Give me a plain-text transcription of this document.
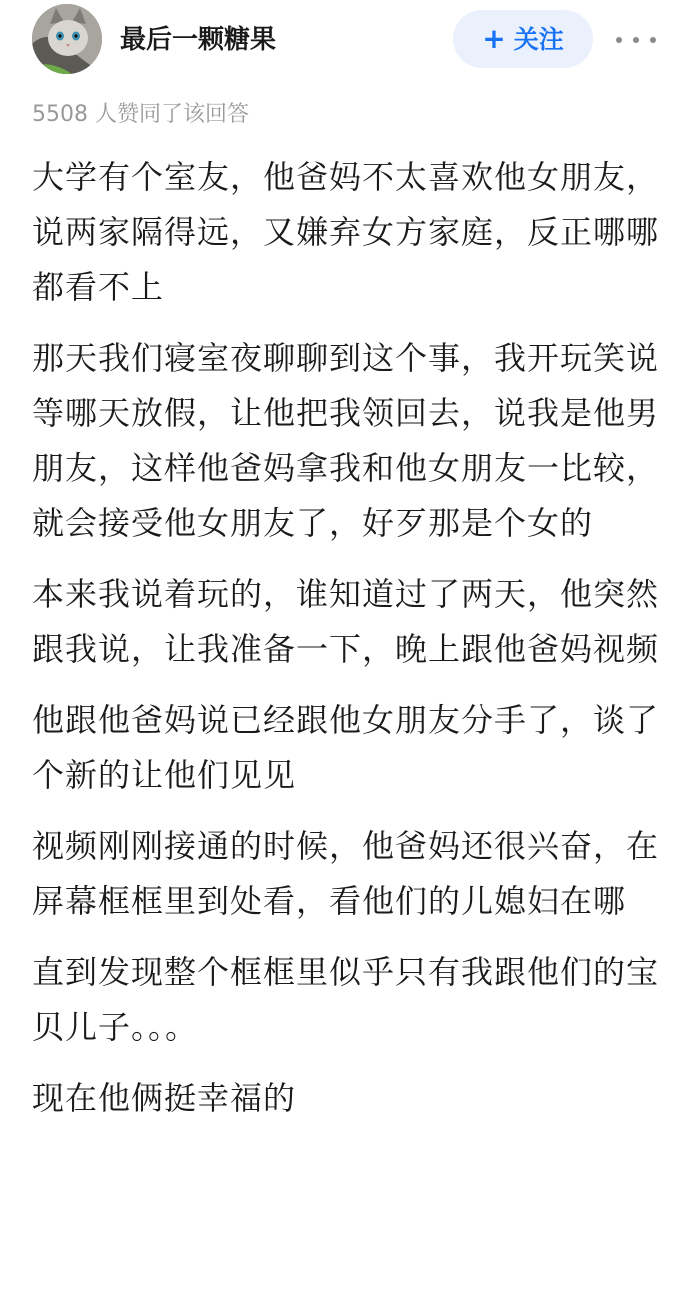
最后一颗糖果	+ 关注
5508 人赞同了该回答

大学有个室友，他爸妈不太喜欢他女朋友，说两家隔得远，又嫌弃女方家庭，反正哪哪都看不上

那天我们寝室夜聊聊到这个事，我开玩笑说等哪天放假，让他把我领回去，说我是他男朋友，这样他爸妈拿我和他女朋友一比较，就会接受他女朋友了，好歹那是个女的

本来我说着玩的，谁知道过了两天，他突然跟我说，让我准备一下，晚上跟他爸妈视频

他跟他爸妈说已经跟他女朋友分手了，谈了个新的让他们见见

视频刚刚接通的时候，他爸妈还很兴奋，在屏幕框框里到处看，看他们的儿媳妇在哪

直到发现整个框框里似乎只有我跟他们的宝贝儿子。。。

现在他俩挺幸福的
